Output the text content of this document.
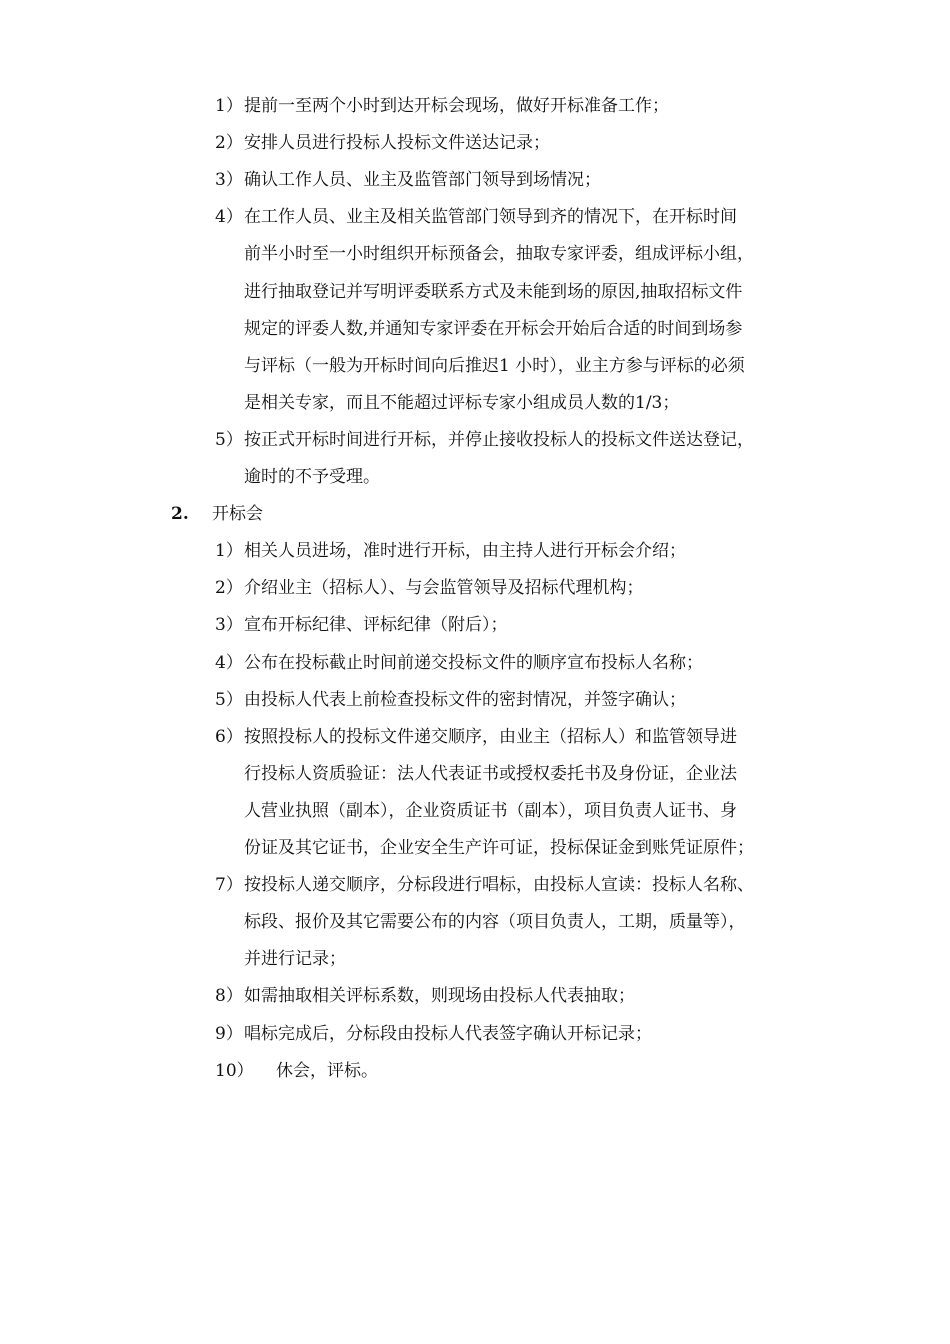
1） 提前一至两个小时到达开标会现场，做好开标准备工作；
2） 安排人员进行投标人投标文件送达记录；
3） 确认工作人员、业主及监管部门领导到场情况；
4） 在工作人员、业主及相关监管部门领导到齐的情况下，在开标时间
前半小时至一小时组织开标预备会，抽取专家评委，组成评标小组，
进行抽取登记并写明评委联系方式及未能到场的原因,抽取招标文件
规定的评委人数,并通知专家评委在开标会开始后合适的时间到场参
与评标（一般为开标时间向后推迟1 小时），业主方参与评标的必须
是相关专家，而且不能超过评标专家小组成员人数的1/3；
5） 按正式开标时间进行开标，并停止接收投标人的投标文件送达登记，
逾时的不予受理。
2. 开标会
1） 相关人员进场，准时进行开标，由主持人进行开标会介绍；
2） 介绍业主（招标人）、与会监管领导及招标代理机构；
3） 宣布开标纪律、评标纪律（附后）；
4） 公布在投标截止时间前递交投标文件的顺序宣布投标人名称；
5） 由投标人代表上前检查投标文件的密封情况，并签字确认；
6） 按照投标人的投标文件递交顺序，由业主（招标人）和监管领导进
行投标人资质验证：法人代表证书或授权委托书及身份证，企业法
人营业执照（副本），企业资质证书（副本），项目负责人证书、身
份证及其它证书，企业安全生产许可证，投标保证金到账凭证原件；
7） 按投标人递交顺序，分标段进行唱标，由投标人宣读：投标人名称、
标段、报价及其它需要公布的内容（项目负责人，工期，质量等），
并进行记录；
8） 如需抽取相关评标系数，则现场由投标人代表抽取；
9） 唱标完成后，分标段由投标人代表签字确认开标记录；
10） 休会，评标。
